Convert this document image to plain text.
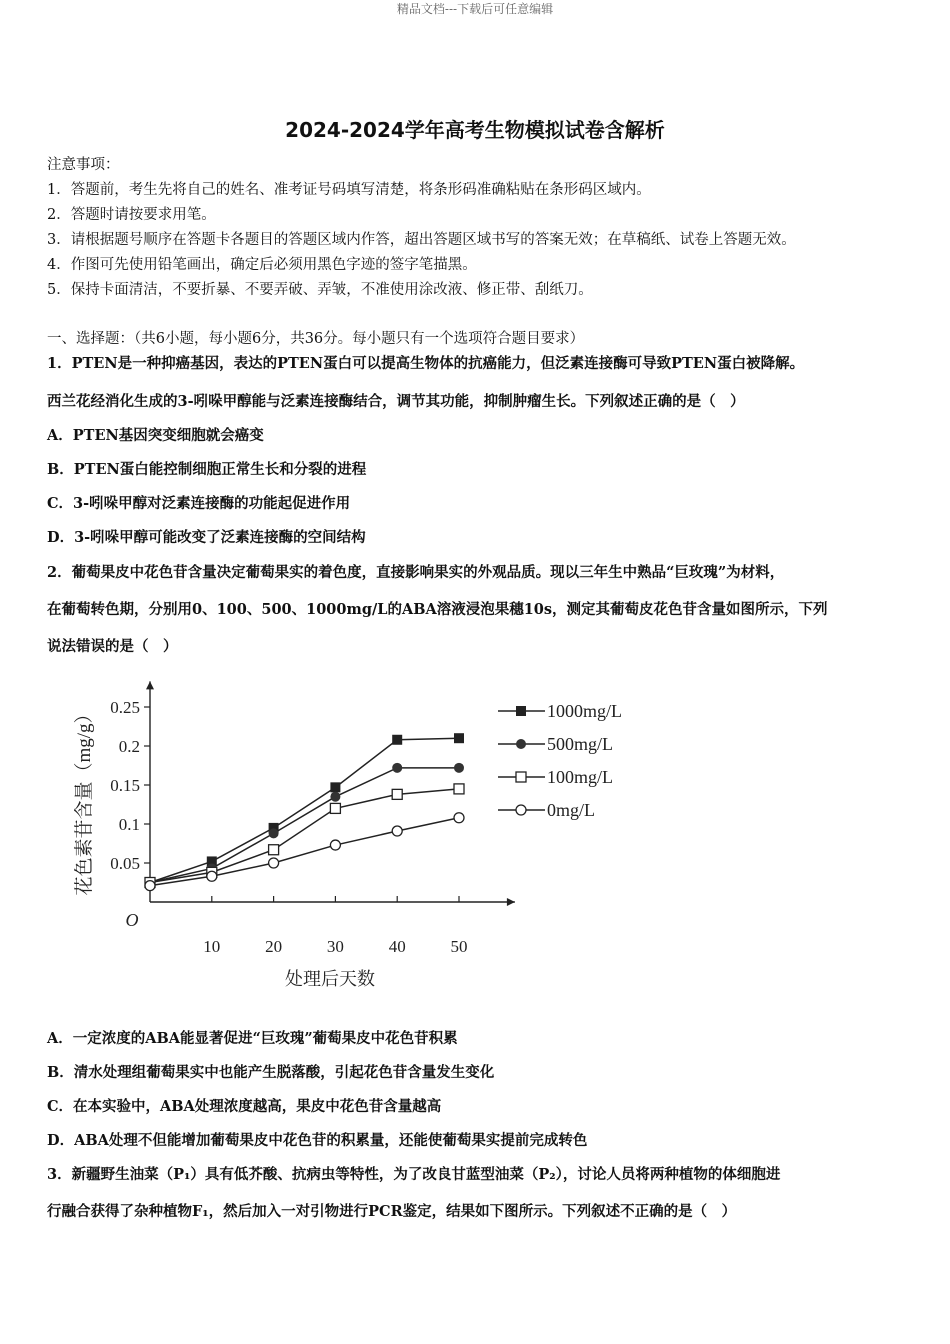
精品文档---下载后可任意编辑
2024-2024学年高考生物模拟试卷含解析
注意事项：
1．答题前，考生先将自己的姓名、准考证号码填写清楚，将条形码准确粘贴在条形码区域内。
2．答题时请按要求用笔。
3．请根据题号顺序在答题卡各题目的答题区域内作答，超出答题区域书写的答案无效；在草稿纸、试卷上答题无效。
4．作图可先使用铅笔画出，确定后必须用黑色字迹的签字笔描黑。
5．保持卡面清洁，不要折暴、不要弄破、弄皱，不准使用涂改液、修正带、刮纸刀。
一、选择题：（共6小题，每小题6分，共36分。每小题只有一个选项符合题目要求）
1．PTEN是一种抑癌基因，表达的PTEN蛋白可以提高生物体的抗癌能力，但泛素连接酶可导致PTEN蛋白被降解。
西兰花经消化生成的3-吲哚甲醇能与泛素连接酶结合，调节其功能，抑制肿瘤生长。下列叙述正确的是（　）
A．PTEN基因突变细胞就会癌变
B．PTEN蛋白能控制细胞正常生长和分裂的进程
C．3-吲哚甲醇对泛素连接酶的功能起促进作用
D．3-吲哚甲醇可能改变了泛素连接酶的空间结构
2．葡萄果皮中花色苷含量决定葡萄果实的着色度，直接影响果实的外观品质。现以三年生中熟品“巨玫瑰”为材料，
在葡萄转色期，分别用0、100、500、1000mg/L的ABA溶液浸泡果穗10s，测定其葡萄皮花色苷含量如图所示，下列
说法错误的是（　）
0.05
0.1
0.15
0.2
0.25
10	20	30	40	50
1000mg/L
500mg/L
100mg/L
0mg/L
花色素苷含量（mg/g）
处理后天数
O
A．一定浓度的ABA能显著促进“巨玫瑰”葡萄果皮中花色苷积累
B．清水处理组葡萄果实中也能产生脱落酸，引起花色苷含量发生变化
C．在本实验中，ABA处理浓度越高，果皮中花色苷含量越高
D．ABA处理不但能增加葡萄果皮中花色苷的积累量，还能使葡萄果实提前完成转色
3．新疆野生油菜（P₁）具有低芥酸、抗病虫等特性，为了改良甘蓝型油菜（P₂），讨论人员将两种植物的体细胞进
行融合获得了杂种植物F₁，然后加入一对引物进行PCR鉴定，结果如下图所示。下列叙述不正确的是（　）
